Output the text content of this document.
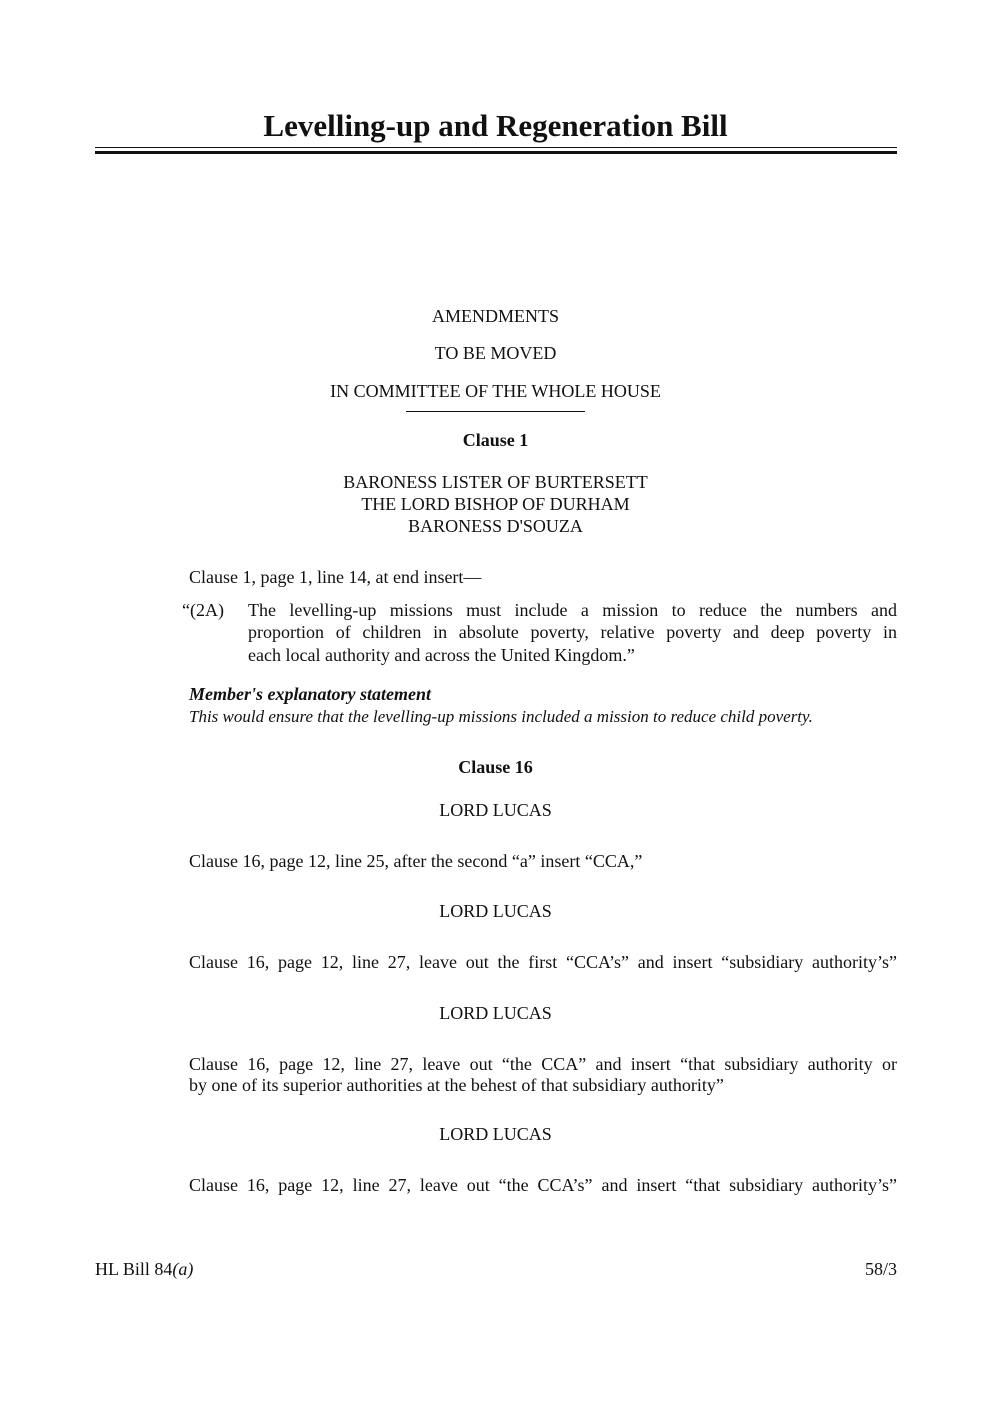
Levelling-up and Regeneration Bill
AMENDMENTS
TO BE MOVED
IN COMMITTEE OF THE WHOLE HOUSE
Clause 1
BARONESS LISTER OF BURTERSETT
THE LORD BISHOP OF DURHAM
BARONESS D'SOUZA
Clause 1, page 1, line 14, at end insert—
“(2A) The levelling-up missions must include a mission to reduce the numbers and
proportion of children in absolute poverty, relative poverty and deep poverty in
each local authority and across the United Kingdom.”
Member's explanatory statement
This would ensure that the levelling-up missions included a mission to reduce child poverty.
Clause 16
LORD LUCAS
Clause 16, page 12, line 25, after the second “a” insert “CCA,”
LORD LUCAS
Clause 16, page 12, line 27, leave out the first “CCA’s” and insert “subsidiary authority’s”
LORD LUCAS
Clause 16, page 12, line 27, leave out “the CCA” and insert “that subsidiary authority or
by one of its superior authorities at the behest of that subsidiary authority”
LORD LUCAS
Clause 16, page 12, line 27, leave out “the CCA’s” and insert “that subsidiary authority’s”
HL Bill 84(a)	58/3
